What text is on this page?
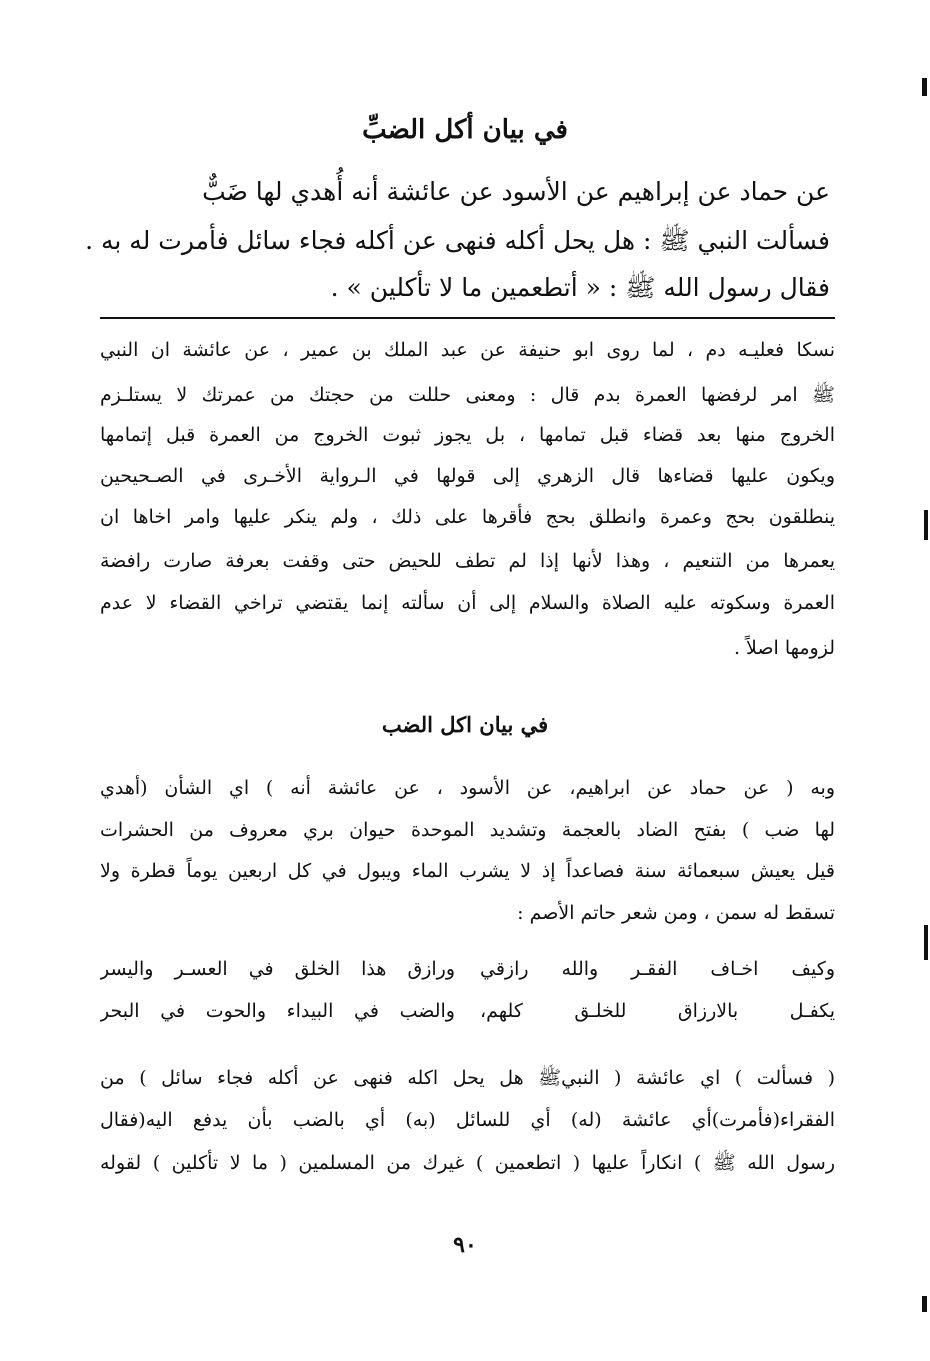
في بيان أكل الضبِّ
عن حماد عن إبراهيم عن الأسود عن عائشة أنه أُهدي لها ضَبٌّ
فسألت النبي ﷺ : هل يحل أكله فنهى عن أكله فجاء سائل فأمرت له به .
فقال رسول الله ﷺ : « أتطعمين ما لا تأكلين » .
نسكا فعليـه دم ، لما روى ابو حنيفة عن عبد الملك بن عمير ، عن عائشة ان النبي
ﷺ امر لرفضها العمرة بدم قال : ومعنى حللت من حجتك من عمرتك لا يستلـزم
الخروج منها بعد قضاء قبل تمامها ، بل يجوز ثبوت الخروج من العمرة قبل إتمامها
ويكون عليها قضاءها قال الزهري إلى قولها في الـرواية الأخـرى في الصـحيحين
ينطلقون بحج وعمرة وانطلق بحج فأقرها على ذلك ، ولم ينكر عليها وامر اخاها ان
يعمرها من التنعيم ، وهذا لأنها إذا لم تطف للحيض حتى وقفت بعرفة صارت رافضة
العمرة وسكوته عليه الصلاة والسلام إلى أن سألته إنما يقتضي تراخي القضاء لا عدم
لزومها اصلاً .
في بيان اكل الضب
وبه ( عن حماد عن ابراهيم، عن الأسود ، عن عائشة أنه ) اي الشأن (أهدي
لها ضب ) بفتح الضاد بالعجمة وتشديد الموحدة حيوان بري معروف من الحشرات
قيل يعيش سبعمائة سنة فصاعداً إذ لا يشرب الماء ويبول في كل اربعين يوماً قطرة ولا
تسقط له سمن ، ومن شعر حاتم الأصم :
وكيف اخـاف الفقـر والله رازقي
ورازق هذا الخلق في العسـر واليسر
يكفـل بالارزاق للخلـق كلهم،
والضب في البيداء والحوت في البحر
( فسألت ) اي عائشة ( النبيﷺ هل يحل اكله فنهى عن أكله فجاء سائل ) من
الفقراء(فأمرت)أي عائشة (له) أي للسائل (به) أي بالضب بأن يدفع اليه(فقال
رسول الله ﷺ ) انكاراً عليها ( اتطعمين ) غيرك من المسلمين ( ما لا تأكلين ) لقوله
٩٠
